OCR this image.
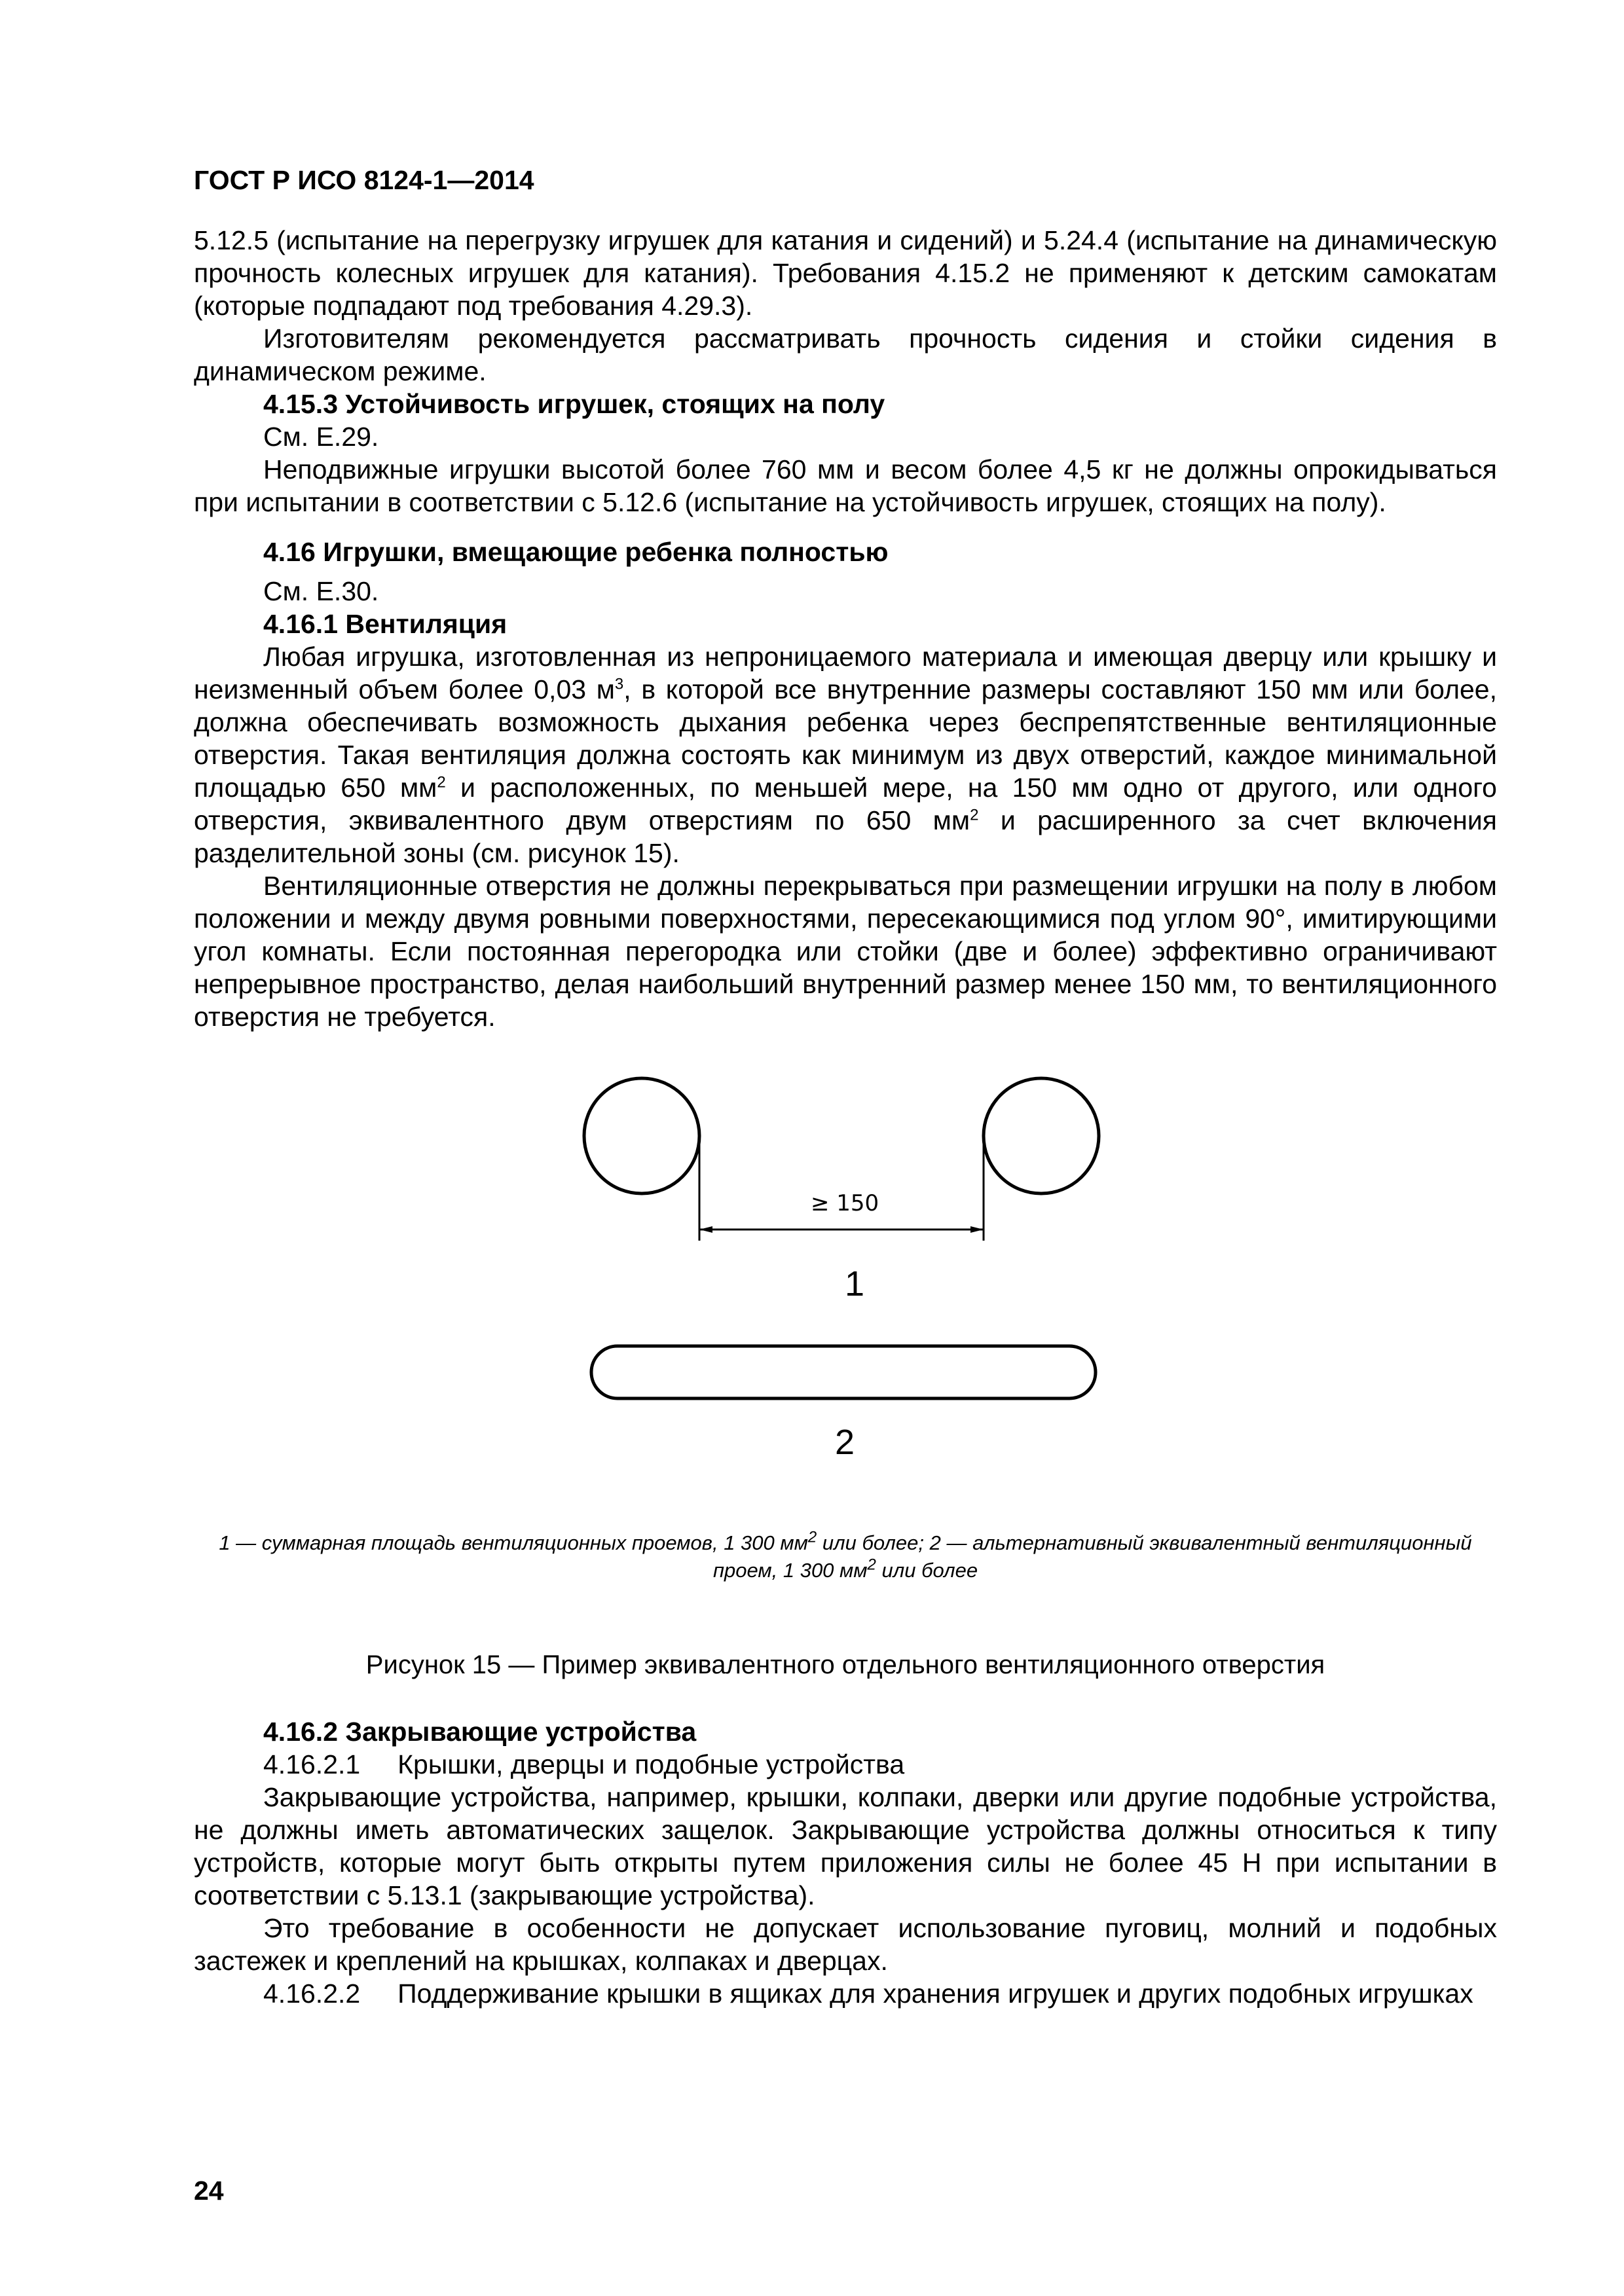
ГОСТ Р ИСО 8124-1—2014

5.12.5 (испытание на перегрузку игрушек для катания и сидений) и 5.24.4 (испытание на динамическую прочность колесных игрушек для катания). Требования 4.15.2 не применяют к детским самокатам (которые подпадают под требования 4.29.3).

Изготовителям рекомендуется рассматривать прочность сидения и стойки сидения в динамическом режиме.

4.15.3 Устойчивость игрушек, стоящих на полу

См. Е.29.

Неподвижные игрушки высотой более 760 мм и весом более 4,5 кг не должны опрокидываться при испытании в соответствии с 5.12.6 (испытание на устойчивость игрушек, стоящих на полу).

4.16 Игрушки, вмещающие ребенка полностью

См. Е.30.

4.16.1 Вентиляция

Любая игрушка, изготовленная из непроницаемого материала и имеющая дверцу или крышку и неизменный объем более 0,03 $м^3$, в которой все внутренние размеры составляют 150 мм или более, должна обеспечивать возможность дыхания ребенка через беспрепятственные вентиляционные отверстия. Такая вентиляция должна состоять как минимум из двух отверстий, каждое минимальной площадью 650 $мм^2$ и расположенных, по меньшей мере, на 150 мм одно от другого, или одного отверстия, эквивалентного двум отверстиям по 650 $мм^2$ и расширенного за счет включения разделительной зоны (см. рисунок 15).

Вентиляционные отверстия не должны перекрываться при размещении игрушки на полу в любом положении и между двумя ровными поверхностями, пересекающимися под углом 90°, имитирующими угол комнаты. Если постоянная перегородка или стойки (две и более) эффективно ограничивают непрерывное пространство, делая наибольший внутренний размер менее 150 мм, то вентиляционного отверстия не требуется.

≥ 150
1
2
1 — суммарная площадь вентиляционных проемов, 1 300 $мм^2$ или более; 2 — альтернативный эквивалентный вентиляционный проем, 1 300 $мм^2$ или более
Рисунок 15 — Пример эквивалентного отдельного вентиляционного отверстия

4.16.2 Закрывающие устройства

4.16.2.1     Крышки, дверцы и подобные устройства

Закрывающие устройства, например, крышки, колпаки, дверки или другие подобные устройства, не должны иметь автоматических защелок. Закрывающие устройства должны относиться к типу устройств, которые могут быть открыты путем приложения силы не более 45 Н при испытании в соответствии с 5.13.1 (закрывающие устройства).

Это требование в особенности не допускает использование пуговиц, молний и подобных застежек и креплений на крышках, колпаках и дверцах.

4.16.2.2     Поддерживание крышки в ящиках для хранения игрушек и других подобных игрушках

24
